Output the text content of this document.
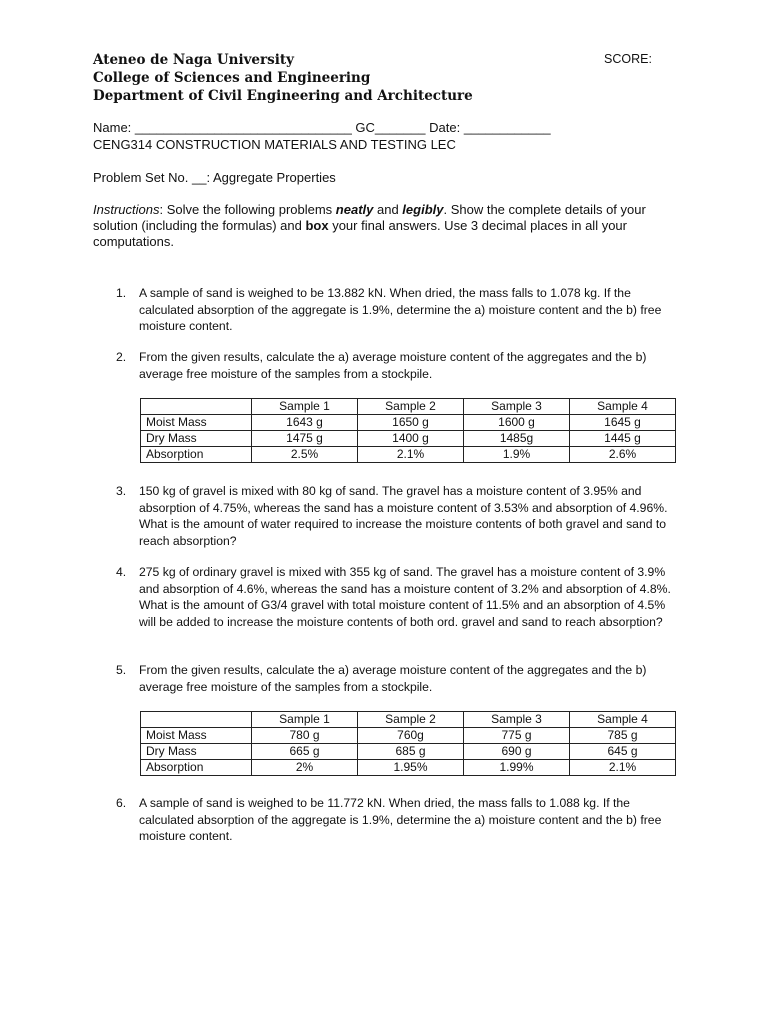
Ateneo de Naga University
College of Sciences and Engineering
Department of Civil Engineering and Architecture
SCORE:
Name: ______________________________ GC_______ Date: ____________
CENG314 CONSTRUCTION MATERIALS AND TESTING LEC
Problem Set No. __: Aggregate Properties
Instructions: Solve the following problems neatly and legibly. Show the complete details of your solution (including the formulas) and box your final answers. Use 3 decimal places in all your computations.
1.	A sample of sand is weighed to be 13.882 kN. When dried, the mass falls to 1.078 kg. If the calculated absorption of the aggregate is 1.9%, determine the a) moisture content and the b) free moisture content.
2.	From the given results, calculate the a) average moisture content of the aggregates and the b) average free moisture of the samples from a stockpile.
	Sample 1	Sample 2	Sample 3	Sample 4
Moist Mass	1643 g	1650 g	1600 g	1645 g
Dry Mass	1475 g	1400 g	1485g	1445 g
Absorption	2.5%	2.1%	1.9%	2.6%
3.	150 kg of gravel is mixed with 80 kg of sand. The gravel has a moisture content of 3.95% and absorption of 4.75%, whereas the sand has a moisture content of 3.53% and absorption of 4.96%. What is the amount of water required to increase the moisture contents of both gravel and sand to reach absorption?
4.	275 kg of ordinary gravel is mixed with 355 kg of sand. The gravel has a moisture content of 3.9% and absorption of 4.6%, whereas the sand has a moisture content of 3.2% and absorption of 4.8%. What is the amount of G3/4 gravel with total moisture content of 11.5% and an absorption of 4.5% will be added to increase the moisture contents of both ord. gravel and sand to reach absorption?
5.	From the given results, calculate the a) average moisture content of the aggregates and the b) average free moisture of the samples from a stockpile.
	Sample 1	Sample 2	Sample 3	Sample 4
Moist Mass	780 g	760g	775 g	785 g
Dry Mass	665 g	685 g	690 g	645 g
Absorption	2%	1.95%	1.99%	2.1%
6.	A sample of sand is weighed to be 11.772 kN. When dried, the mass falls to 1.088 kg. If the calculated absorption of the aggregate is 1.9%, determine the a) moisture content and the b) free moisture content.
